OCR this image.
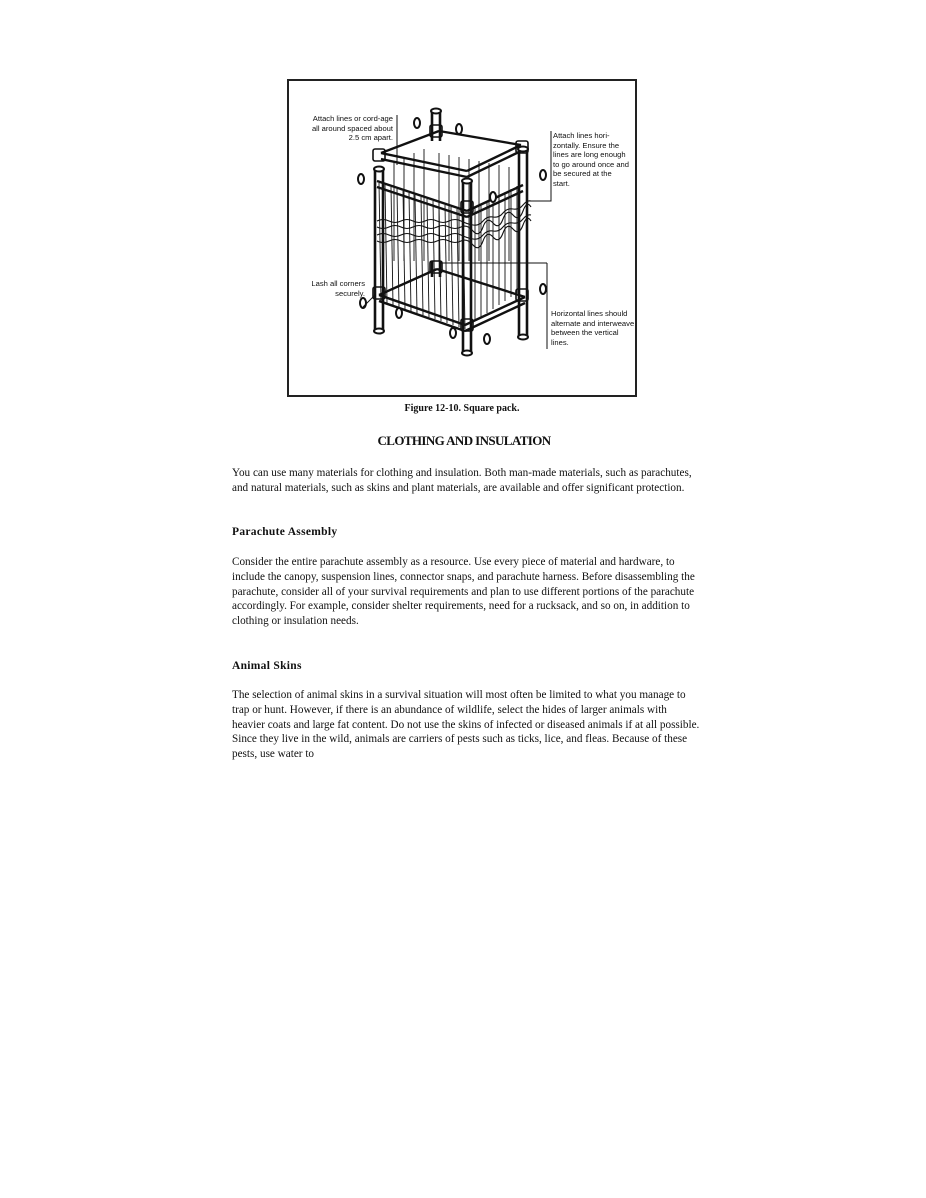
Attach lines or cord-age all around spaced about 2.5 cm apart.	Attach lines hori-zontally. Ensure the lines are long enough to go around once and be secured at the start.
Lash all corners securely.
Horizontal lines should alternate and interweave between the vertical lines.
Figure 12-10. Square pack.
CLOTHING AND INSULATION

You can use many materials for clothing and insulation. Both man-made materials, such as parachutes, and natural materials, such as skins and plant materials, are available and offer significant protection.

Parachute Assembly

Consider the entire parachute assembly as a resource. Use every piece of material and hardware, to include the canopy, suspension lines, connector snaps, and parachute harness. Before disassembling the parachute, consider all of your survival requirements and plan to use different portions of the parachute accordingly. For example, consider shelter requirements, need for a rucksack, and so on, in addition to clothing or insulation needs.

Animal Skins

The selection of animal skins in a survival situation will most often be limited to what you manage to trap or hunt. However, if there is an abundance of wildlife, select the hides of larger animals with heavier coats and large fat content. Do not use the skins of infected or diseased animals if at all possible. Since they live in the wild, animals are carriers of pests such as ticks, lice, and fleas. Because of these pests, use water to
